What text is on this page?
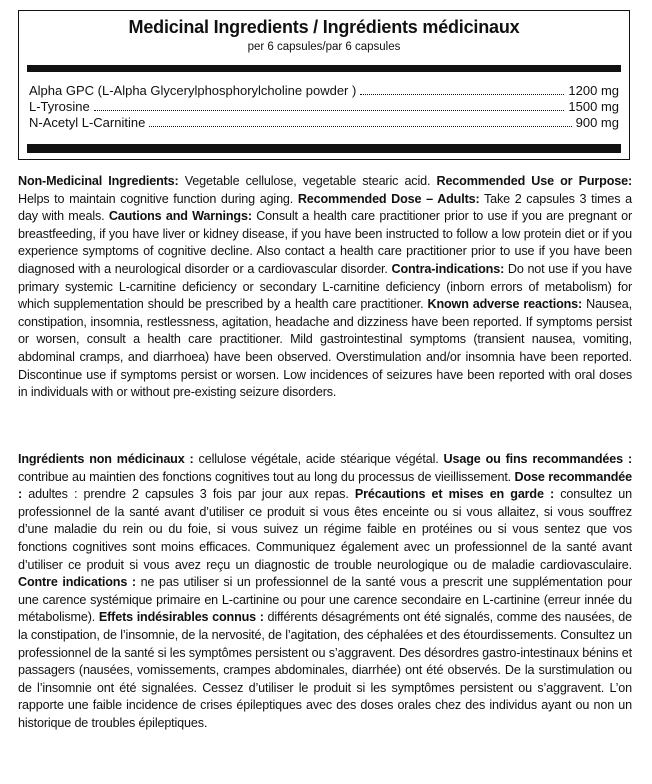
Medicinal Ingredients / Ingrédients médicinaux
per 6 capsules/par 6 capsules
Alpha GPC (L-Alpha Glycerylphosphorylcholine powder )	1200 mg
L-Tyrosine	1500 mg
N-Acetyl L-Carnitine	900 mg
Non-Medicinal Ingredients: Vegetable cellulose, vegetable stearic acid. Recommended Use or Purpose: Helps to maintain cognitive function during aging. Recommended Dose – Adults: Take 2 capsules 3 times a day with meals. Cautions and Warnings: Consult a health care practitioner prior to use if you are pregnant or breastfeeding, if you have liver or kidney disease, if you have been instructed to follow a low protein diet or if you experience symptoms of cognitive decline. Also contact a health care practitioner prior to use if you have been diagnosed with a neurological disorder or a cardiovascular disorder. Contra-indications: Do not use if you have primary systemic L-carnitine deficiency or secondary L-carnitine deficiency (inborn errors of metabolism) for which supplementation should be prescribed by a health care practitioner. Known adverse reactions: Nausea, constipation, insomnia, restlessness, agitation, headache and dizziness have been reported. If symptoms persist or worsen, consult a health care practitioner. Mild gastrointestinal symptoms (transient nausea, vomiting, abdominal cramps, and diarrhoea) have been observed. Overstimulation and/or insomnia have been reported. Discontinue use if symptoms persist or worsen. Low incidences of seizures have been reported with oral doses in individuals with or without pre-existing seizure disorders.
Ingrédients non médicinaux : cellulose végétale, acide stéarique végétal. Usage ou fins recommandées : contribue au maintien des fonctions cognitives tout au long du processus de vieillissement. Dose recommandée : adultes : prendre 2 capsules 3 fois par jour aux repas. Précautions et mises en garde : consultez un professionnel de la santé avant d’utiliser ce produit si vous êtes enceinte ou si vous allaitez, si vous souffrez d’une maladie du rein ou du foie, si vous suivez un régime faible en protéines ou si vous sentez que vos fonctions cognitives sont moins efficaces. Communiquez également avec un professionnel de la santé avant d’utiliser ce produit si vous avez reçu un diagnostic de trouble neurologique ou de maladie cardiovasculaire. Contre indications : ne pas utiliser si un professionnel de la santé vous a prescrit une supplémentation pour une carence systémique primaire en L-cartinine ou pour une carence secondaire en L-cartinine (erreur innée du métabolisme). Effets indésirables connus : différents désagréments ont été signalés, comme des nausées, de la constipation, de l’insomnie, de la nervosité, de l’agitation, des céphalées et des étourdissements. Consultez un professionnel de la santé si les symptômes persistent ou s’aggravent. Des désordres gastro-intestinaux bénins et passagers (nausées, vomissements, crampes abdominales, diarrhée) ont été observés. De la surstimulation ou de l’insomnie ont été signalées. Cessez d’utiliser le produit si les symptômes persistent ou s’aggravent. L’on rapporte une faible incidence de crises épileptiques avec des doses orales chez des individus ayant ou non un historique de troubles épileptiques.
